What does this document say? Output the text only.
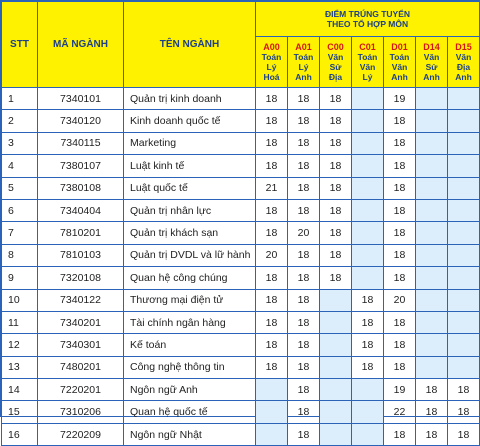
STT	MÃ NGÀNH	TÊN NGÀNH	ĐIỂM TRÚNG TUYỂN
THEO TỔ HỢP MÔN						

			A00
Toán
Lý
Hoá	A01
Toán
Lý
Anh	C00
Văn
Sử
Địa	C01
Toán
Văn
Lý	D01
Toán
Văn
Anh	D14
Văn
Sử
Anh	D15
Văn
Địa
Anh

1	7340101	Quản trị kinh doanh	18	18	18		19		
2	7340120	Kinh doanh quốc tế	18	18	18		18		
3	7340115	Marketing	18	18	18		18		
4	7380107	Luật kinh tế	18	18	18		18		
5	7380108	Luật quốc tế	21	18	18		18		
6	7340404	Quản trị nhân lực	18	18	18		18		
7	7810201	Quản trị khách sạn	18	20	18		18		
8	7810103	Quản trị DVDL và lữ hành	20	18	18		18		
9	7320108	Quan hệ công chúng	18	18	18		18		
10	7340122	Thương mại điện tử	18	18		18	20		
11	7340201	Tài chính ngân hàng	18	18		18	18		
12	7340301	Kế toán	18	18		18	18		
13	7480201	Công nghệ thông tin	18	18		18	18		
14	7220201	Ngôn ngữ Anh		18			19	18	18
15	7310206	Quan hệ quốc tế		18			22	18	18
16	7220209	Ngôn ngữ Nhật		18			18	18	18
